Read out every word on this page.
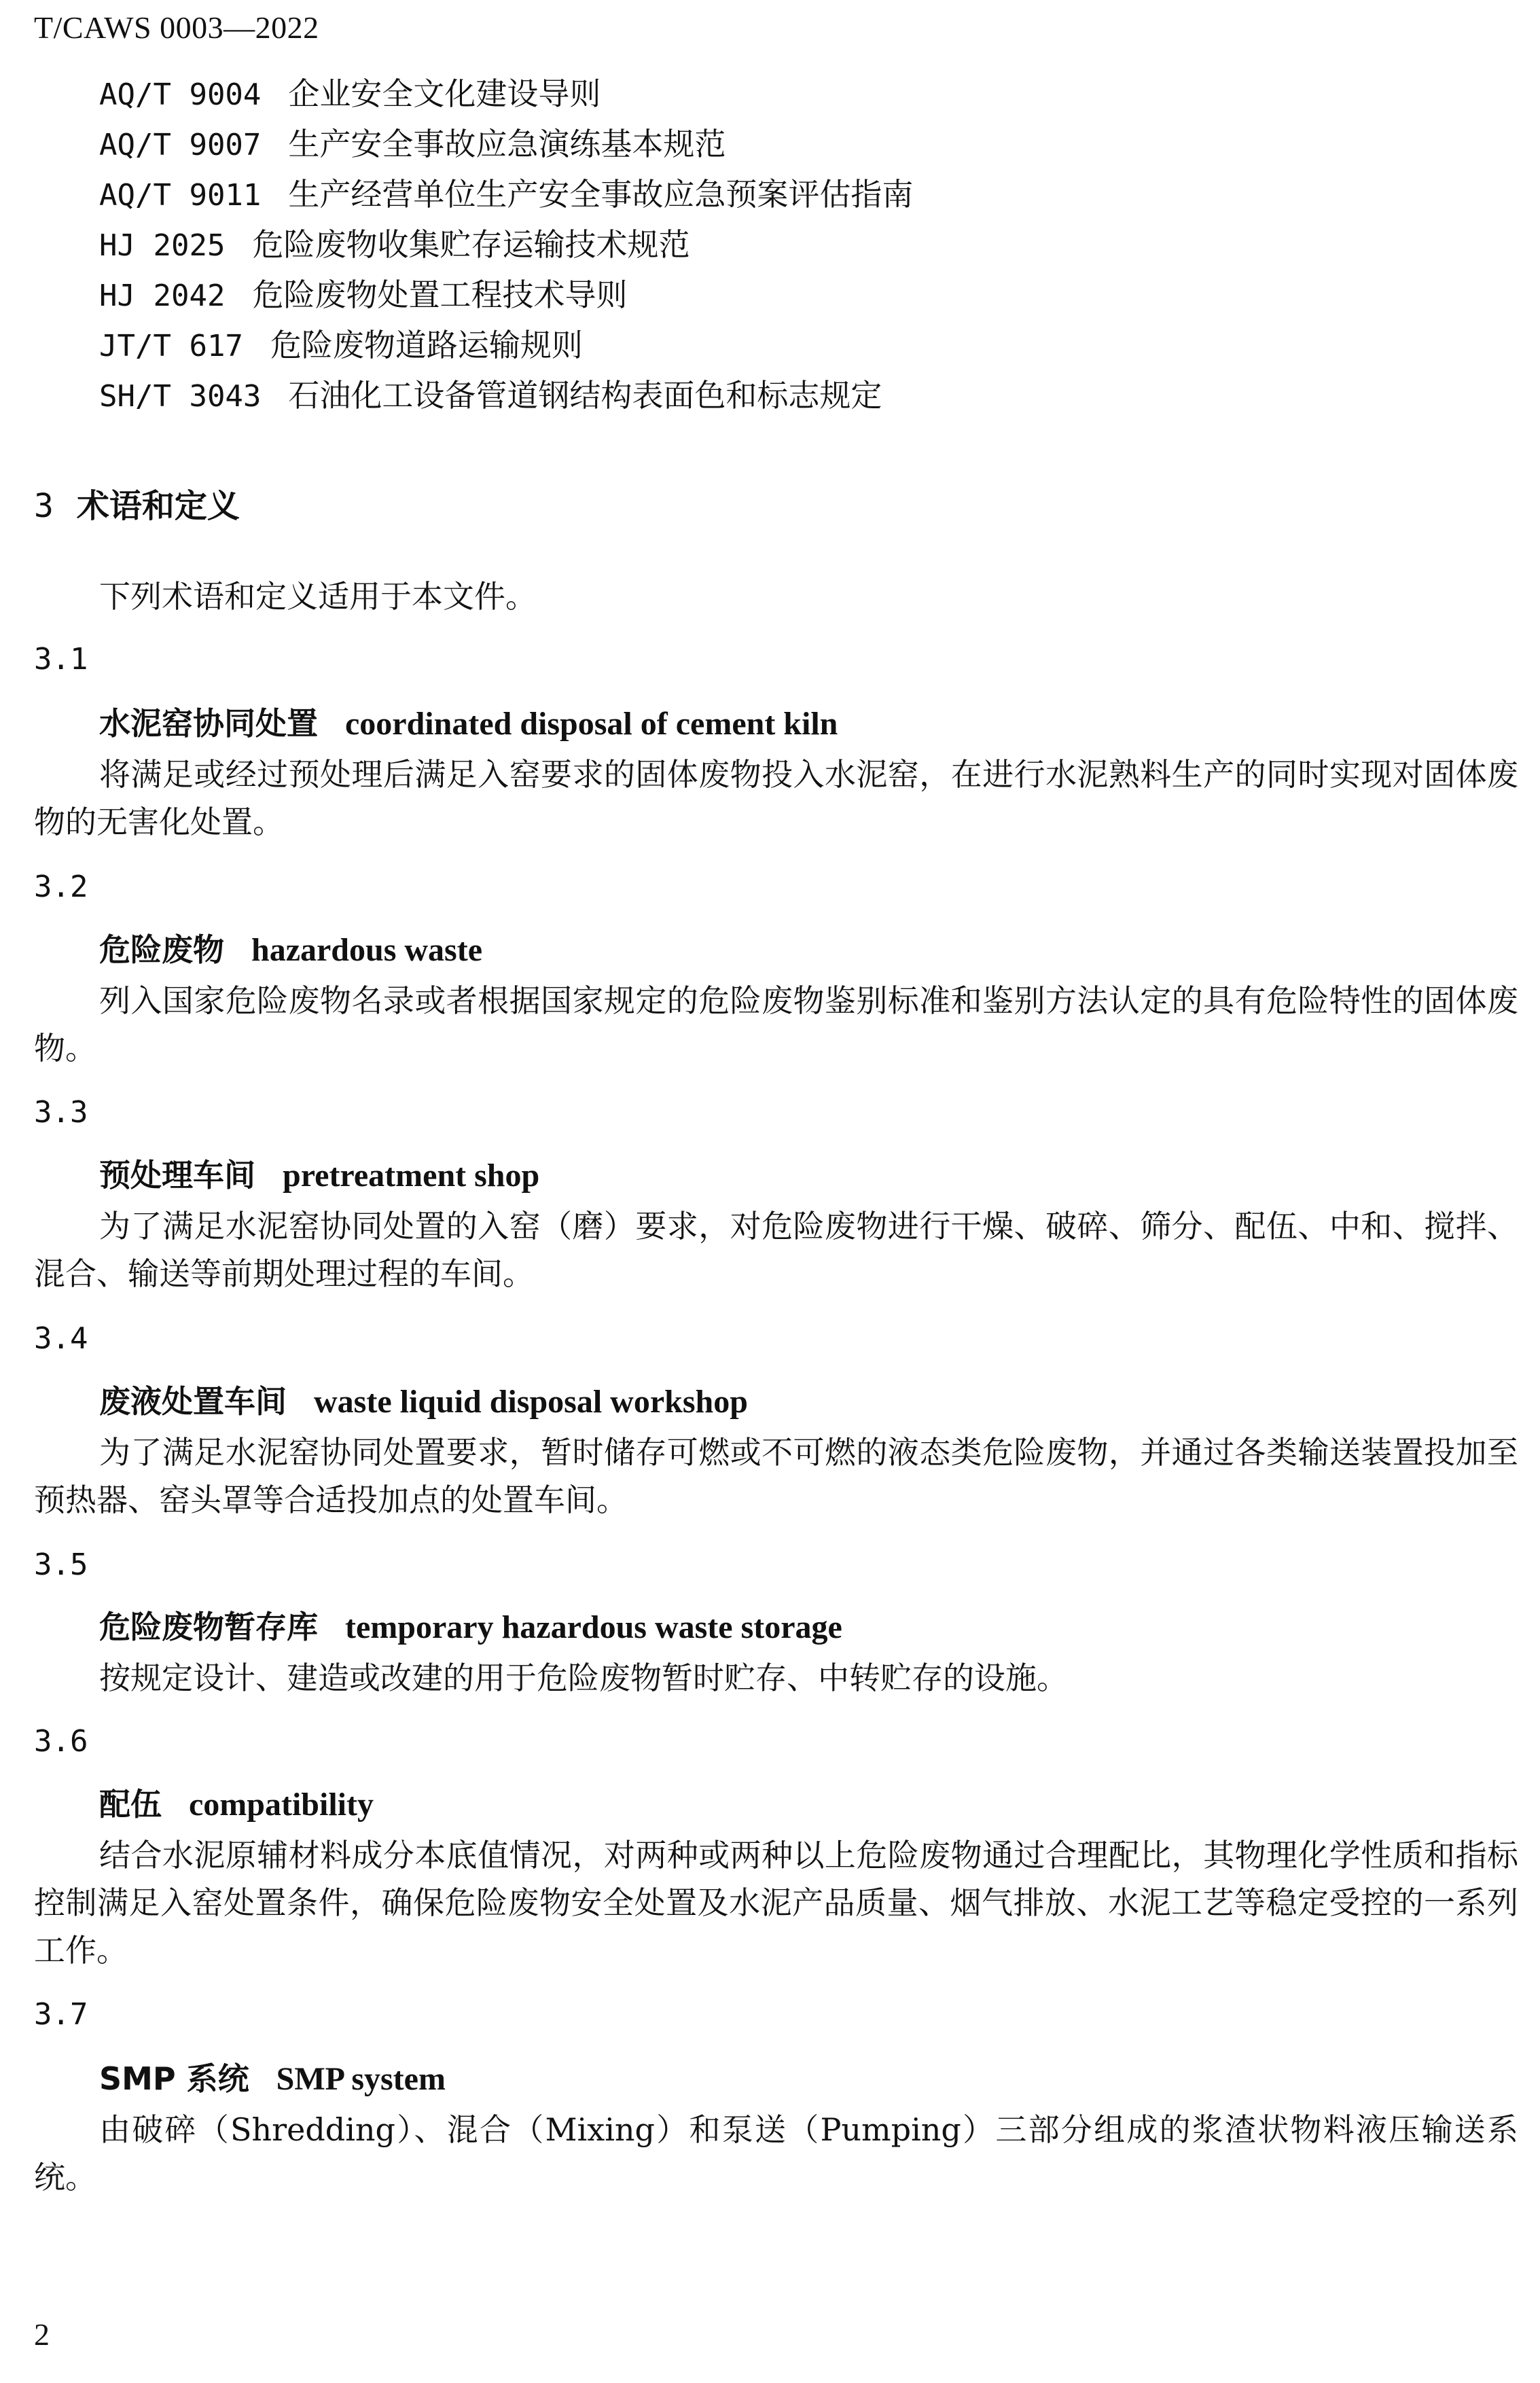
T/CAWS 0003—2022
AQ/T 9004 企业安全文化建设导则
AQ/T 9007 生产安全事故应急演练基本规范
AQ/T 9011 生产经营单位生产安全事故应急预案评估指南
HJ 2025 危险废物收集贮存运输技术规范
HJ 2042 危险废物处置工程技术导则
JT/T 617 危险废物道路运输规则
SH/T 3043 石油化工设备管道钢结构表面色和标志规定
3 术语和定义
下列术语和定义适用于本文件。
3.1
水泥窑协同处置 coordinated disposal of cement kiln
将满足或经过预处理后满足入窑要求的固体废物投入水泥窑，在进行水泥熟料生产的同时实现对固体废物的无害化处置。
3.2
危险废物 hazardous waste
列入国家危险废物名录或者根据国家规定的危险废物鉴别标准和鉴别方法认定的具有危险特性的固体废物。
3.3
预处理车间 pretreatment shop
为了满足水泥窑协同处置的入窑（磨）要求，对危险废物进行干燥、破碎、筛分、配伍、中和、搅拌、混合、输送等前期处理过程的车间。
3.4
废液处置车间 waste liquid disposal workshop
为了满足水泥窑协同处置要求，暂时储存可燃或不可燃的液态类危险废物，并通过各类输送装置投加至预热器、窑头罩等合适投加点的处置车间。
3.5
危险废物暂存库 temporary hazardous waste storage
按规定设计、建造或改建的用于危险废物暂时贮存、中转贮存的设施。
3.6
配伍 compatibility
结合水泥原辅材料成分本底值情况，对两种或两种以上危险废物通过合理配比，其物理化学性质和指标控制满足入窑处置条件，确保危险废物安全处置及水泥产品质量、烟气排放、水泥工艺等稳定受控的一系列工作。
3.7
SMP 系统 SMP system
由破碎（Shredding）、混合（Mixing）和泵送（Pumping）三部分组成的浆渣状物料液压输送系统。
2
